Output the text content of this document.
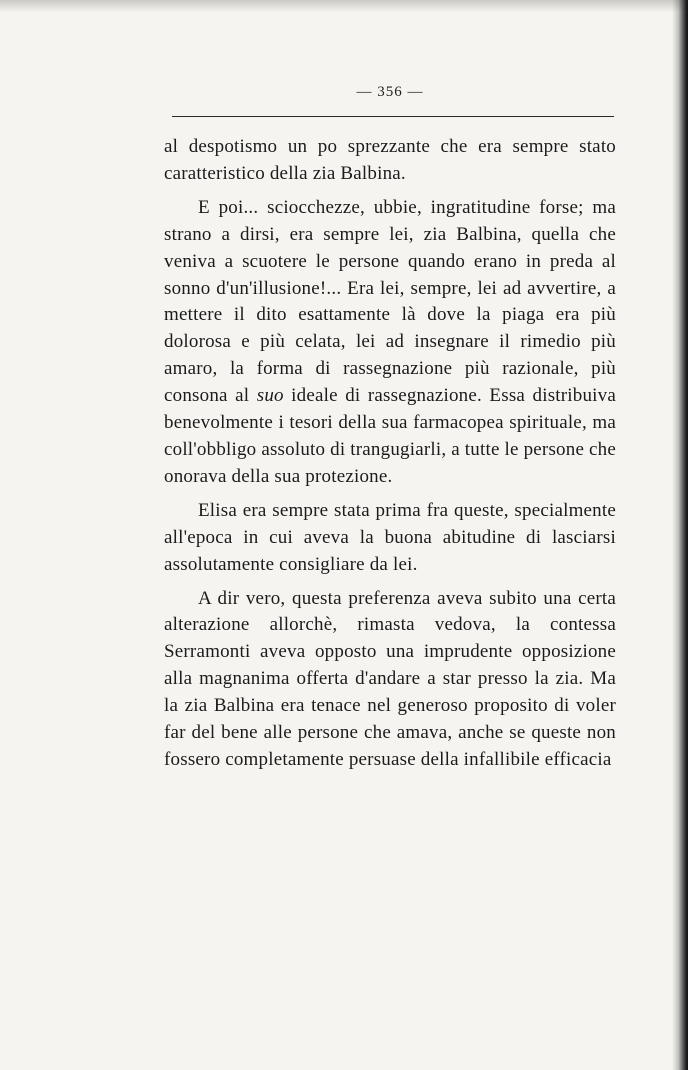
— 356 —

al despotismo un po sprezzante che era sempre stato caratteristico della zia Balbina.

E poi... sciocchezze, ubbie, ingratitudine forse; ma strano a dirsi, era sempre lei, zia Balbina, quella che veniva a scuotere le persone quando erano in preda al sonno d'un'illusione!... Era lei, sempre, lei ad avvertire, a mettere il dito esattamente là dove la piaga era più dolorosa e più celata, lei ad insegnare il rimedio più amaro, la forma di rassegnazione più razionale, più consona al suo ideale di rassegnazione. Essa distribuiva benevolmente i tesori della sua farmacopea spirituale, ma coll'obbligo assoluto di trangugiarli, a tutte le persone che onorava della sua protezione.

Elisa era sempre stata prima fra queste, specialmente all'epoca in cui aveva la buona abitudine di lasciarsi assolutamente consigliare da lei.

A dir vero, questa preferenza aveva subito una certa alterazione allorchè, rimasta vedova, la contessa Serramonti aveva opposto una imprudente opposizione alla magnanima offerta d'andare a star presso la zia. Ma la zia Balbina era tenace nel generoso proposito di voler far del bene alle persone che amava, anche se queste non fossero completamente persuase della infallibile efficacia
